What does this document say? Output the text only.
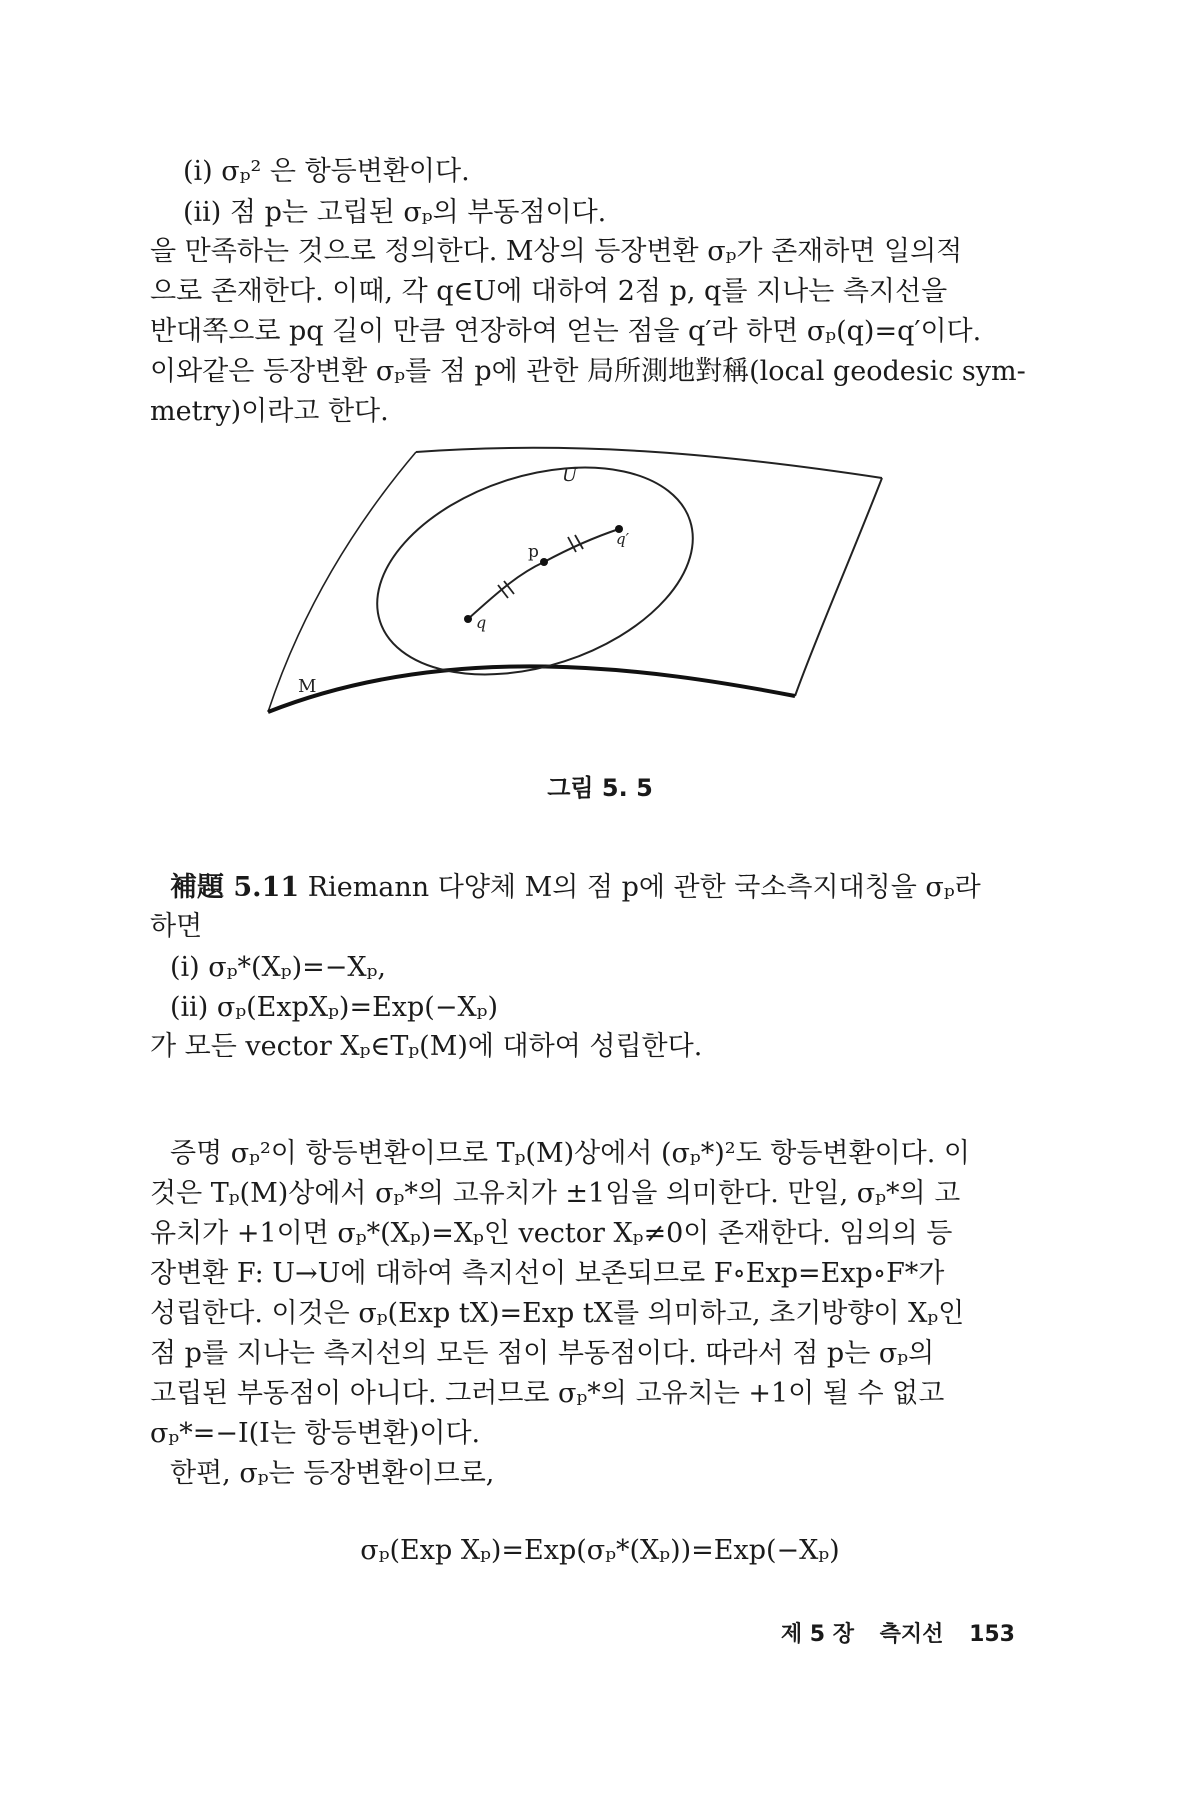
(i) σₚ² 은 항등변환이다.
(ii) 점 p는 고립된 σₚ의 부동점이다.
을 만족하는 것으로 정의한다. M상의 등장변환 σₚ가 존재하면 일의적
으로 존재한다. 이때, 각 q∈U에 대하여 2점 p, q를 지나는 측지선을
반대쪽으로 pq 길이 만큼 연장하여 얻는 점을 q′라 하면 σₚ(q)=q′이다.
이와같은 등장변환 σₚ를 점 p에 관한 局所測地對稱(local geodesic sym-
metry)이라고 한다.
U
p
q
q′
M
그림 5. 5
補題 5.11 Riemann 다양체 M의 점 p에 관한 국소측지대칭을 σₚ라
하면
(i) σₚ*(Xₚ)=−Xₚ,
(ii) σₚ(ExpXₚ)=Exp(−Xₚ)
가 모든 vector Xₚ∈Tₚ(M)에 대하여 성립한다.
증명 σₚ²이 항등변환이므로 Tₚ(M)상에서 (σₚ*)²도 항등변환이다. 이
것은 Tₚ(M)상에서 σₚ*의 고유치가 ±1임을 의미한다. 만일, σₚ*의 고
유치가 +1이면 σₚ*(Xₚ)=Xₚ인 vector Xₚ≠0이 존재한다. 임의의 등
장변환 F: U→U에 대하여 측지선이 보존되므로 F∘Exp=Exp∘F*가
성립한다. 이것은 σₚ(Exp tX)=Exp tX를 의미하고, 초기방향이 Xₚ인
점 p를 지나는 측지선의 모든 점이 부동점이다. 따라서 점 p는 σₚ의
고립된 부동점이 아니다. 그러므로 σₚ*의 고유치는 +1이 될 수 없고
σₚ*=−I(I는 항등변환)이다.
한편, σₚ는 등장변환이므로,
σₚ(Exp Xₚ)=Exp(σₚ*(Xₚ))=Exp(−Xₚ)
제 5 장 측지선 153
